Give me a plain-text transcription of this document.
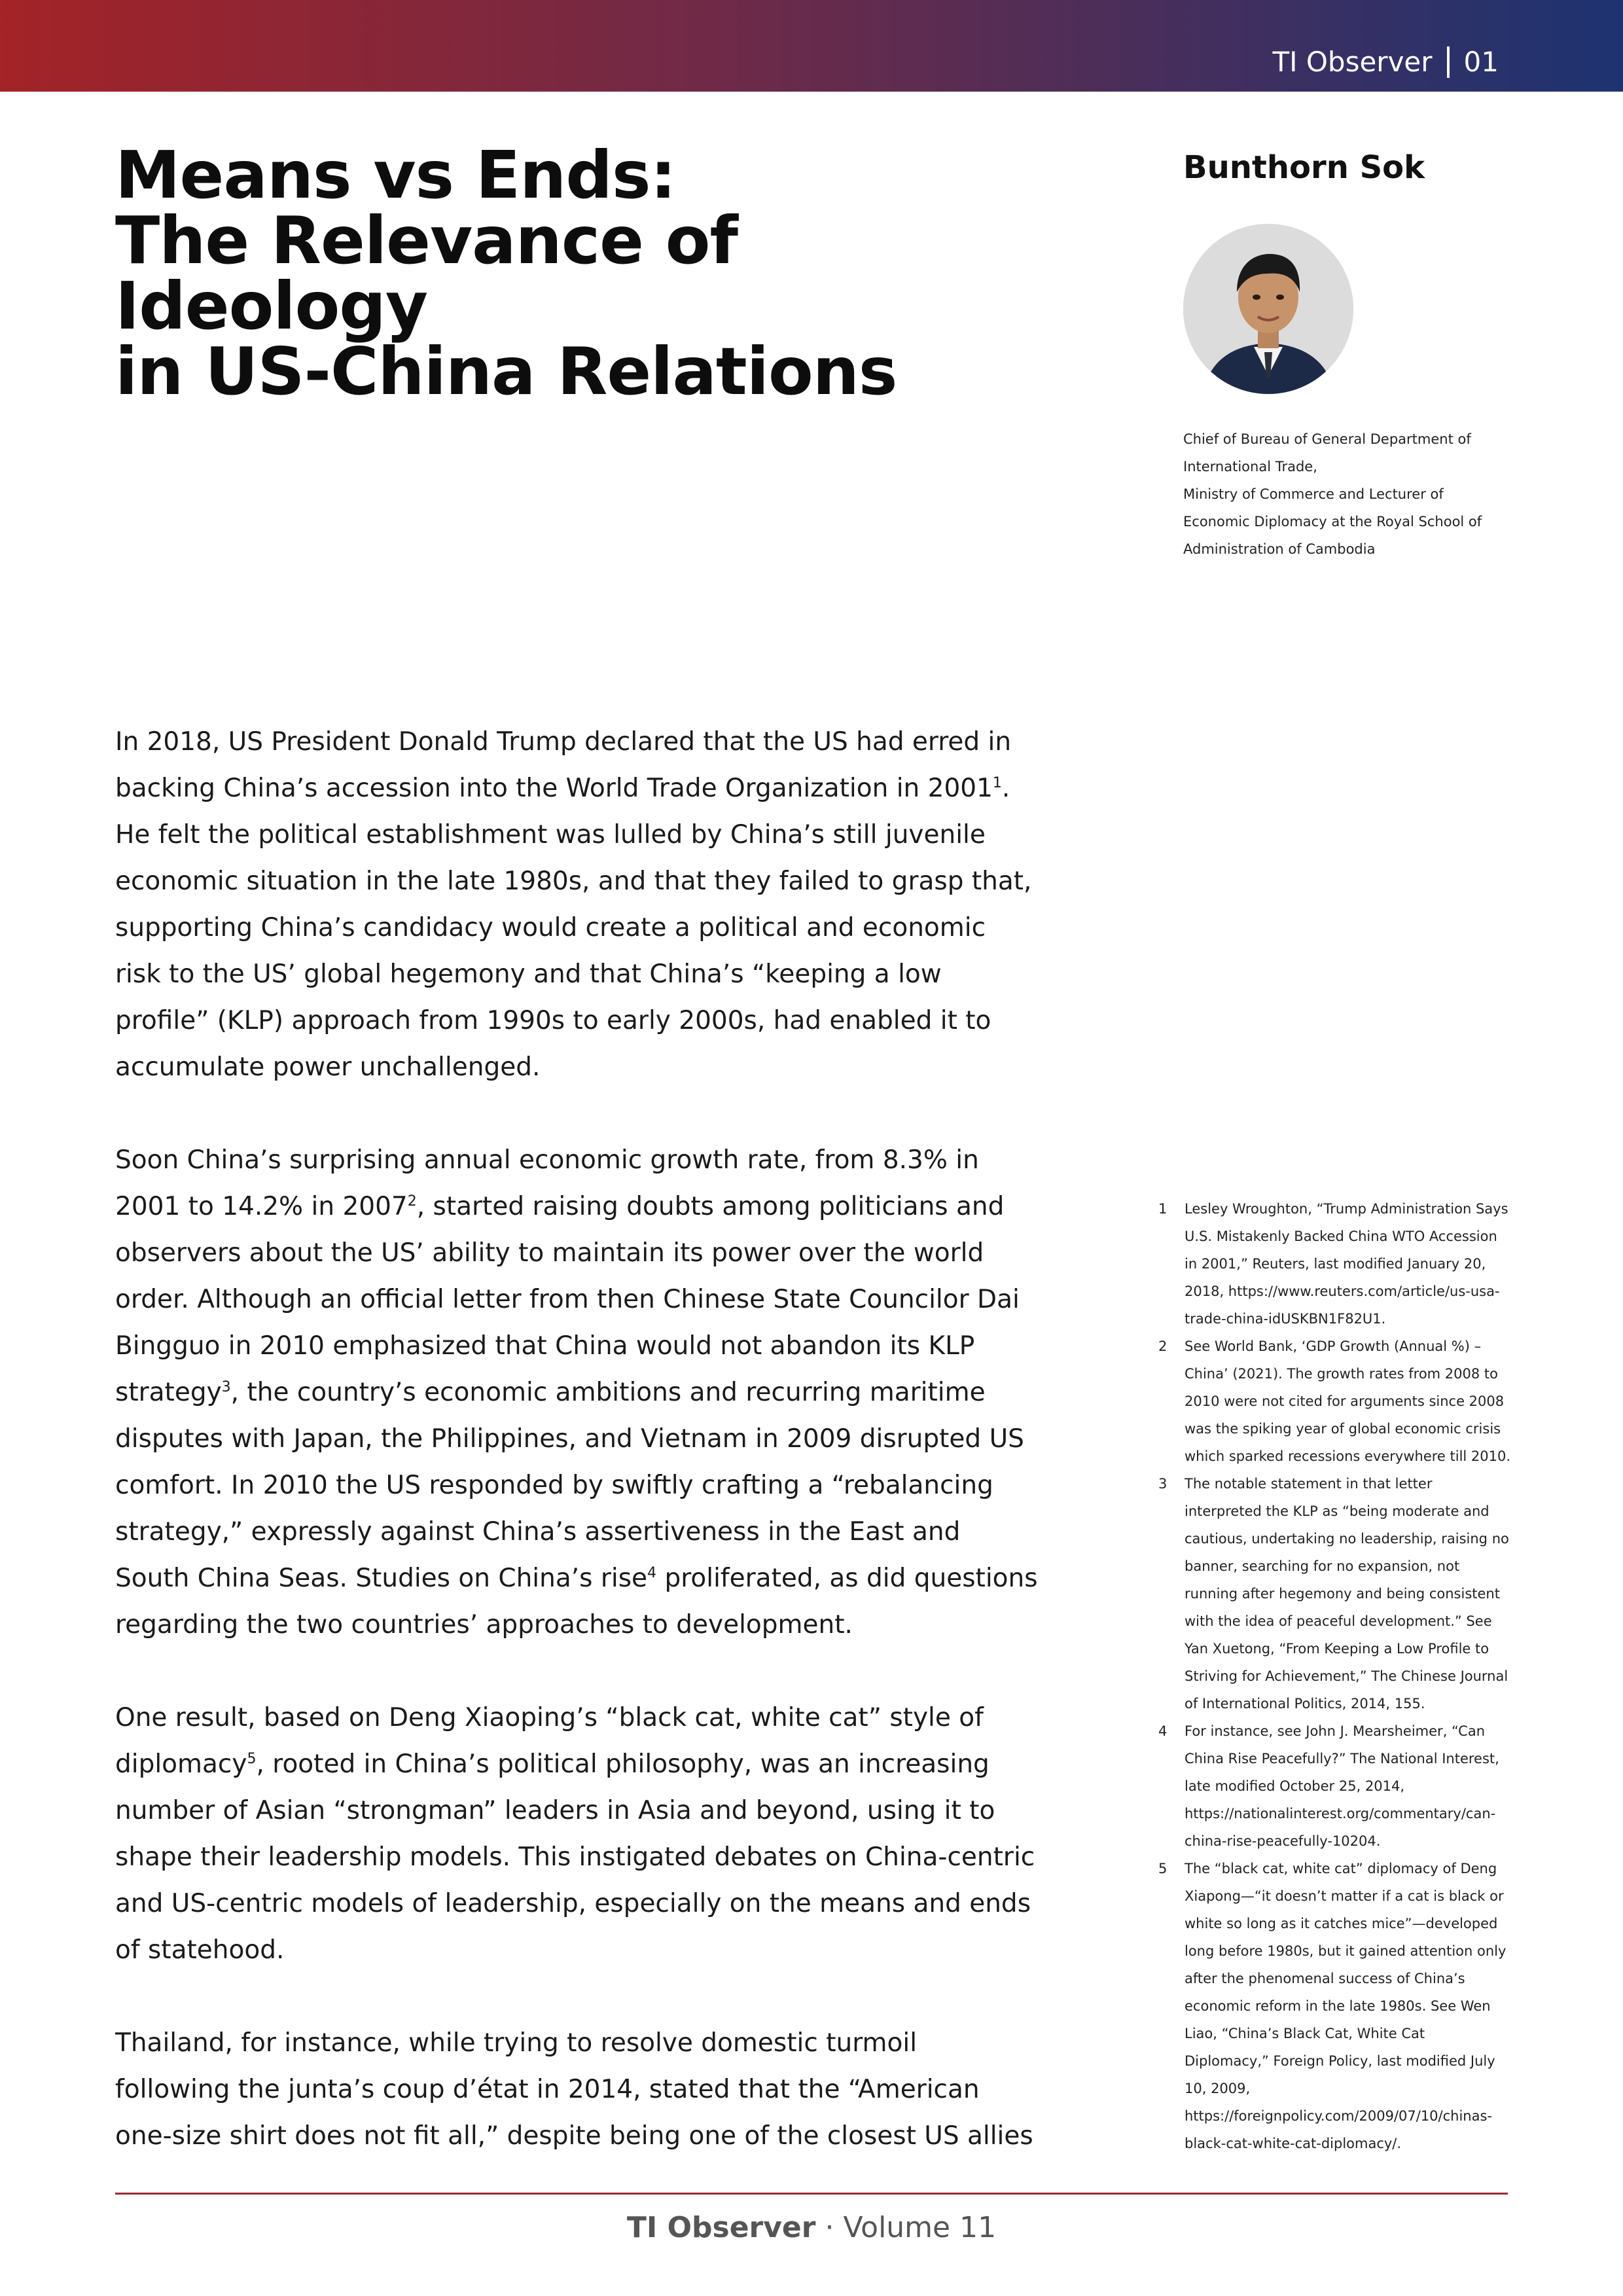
TI Observer 01
Means vs Ends:
The Relevance of Ideology
in US-China Relations
Bunthorn Sok
Chief of Bureau of General Department of
International Trade,
Ministry of Commerce and Lecturer of
Economic Diplomacy at the Royal School of
Administration of Cambodia

In 2018, US President Donald Trump declared that the US had erred in backing China’s accession into the World Trade Organization in 2001$^1$. He felt the political establishment was lulled by China’s still juvenile economic situation in the late 1980s, and that they failed to grasp that, supporting China’s candidacy would create a political and economic risk to the US’ global hegemony and that China’s “keeping a low profile” (KLP) approach from 1990s to early 2000s, had enabled it to accumulate power unchallenged.

Soon China’s surprising annual economic growth rate, from 8.3% in 2001 to 14.2% in 2007$^2$, started raising doubts among politicians and observers about the US’ ability to maintain its power over the world order. Although an official letter from then Chinese State Councilor Dai Bingguo in 2010 emphasized that China would not abandon its KLP strategy$^3$, the country’s economic ambitions and recurring maritime disputes with Japan, the Philippines, and Vietnam in 2009 disrupted US comfort. In 2010 the US responded by swiftly crafting a “rebalancing strategy,” expressly against China’s assertiveness in the East and South China Seas. Studies on China’s rise$^4$ proliferated, as did questions regarding the two countries’ approaches to development.

One result, based on Deng Xiaoping’s “black cat, white cat” style of diplomacy$^5$, rooted in China’s political philosophy, was an increasing number of Asian “strongman” leaders in Asia and beyond, using it to shape their leadership models. This instigated debates on China-centric and US-centric models of leadership, especially on the means and ends of statehood.

Thailand, for instance, while trying to resolve domestic turmoil following the junta’s coup d’état in 2014, stated that the “American one-size shirt does not fit all,” despite being one of the closest US allies

1	Lesley Wroughton, “Trump Administration Says U.S. Mistakenly Backed China WTO Accession in 2001,” Reuters, last modified January 20, 2018, https://www.reuters.com/article/us-usa-trade-china-idUSKBN1F82U1.
2	See World Bank, ‘GDP Growth (Annual %) – China’ (2021). The growth rates from 2008 to 2010 were not cited for arguments since 2008 was the spiking year of global economic crisis which sparked recessions everywhere till 2010.
3	The notable statement in that letter interpreted the KLP as “being moderate and cautious, undertaking no leadership, raising no banner, searching for no expansion, not running after hegemony and being consistent with the idea of peaceful development.” See Yan Xuetong, “From Keeping a Low Profile to Striving for Achievement,” The Chinese Journal of International Politics, 2014, 155.
4	For instance, see John J. Mearsheimer, “Can China Rise Peacefully?” The National Interest, late modified October 25, 2014, https://nationalinterest.org/commentary/can-china-rise-peacefully-10204.
5	The “black cat, white cat” diplomacy of Deng Xiapong—“it doesn’t matter if a cat is black or white so long as it catches mice”—developed long before 1980s, but it gained attention only after the phenomenal success of China’s economic reform in the late 1980s. See Wen Liao, “China’s Black Cat, White Cat Diplomacy,” Foreign Policy, last modified July 10, 2009, https://foreignpolicy.com/2009/07/10/chinas-black-cat-white-cat-diplomacy/.
TI Observer · Volume 11
